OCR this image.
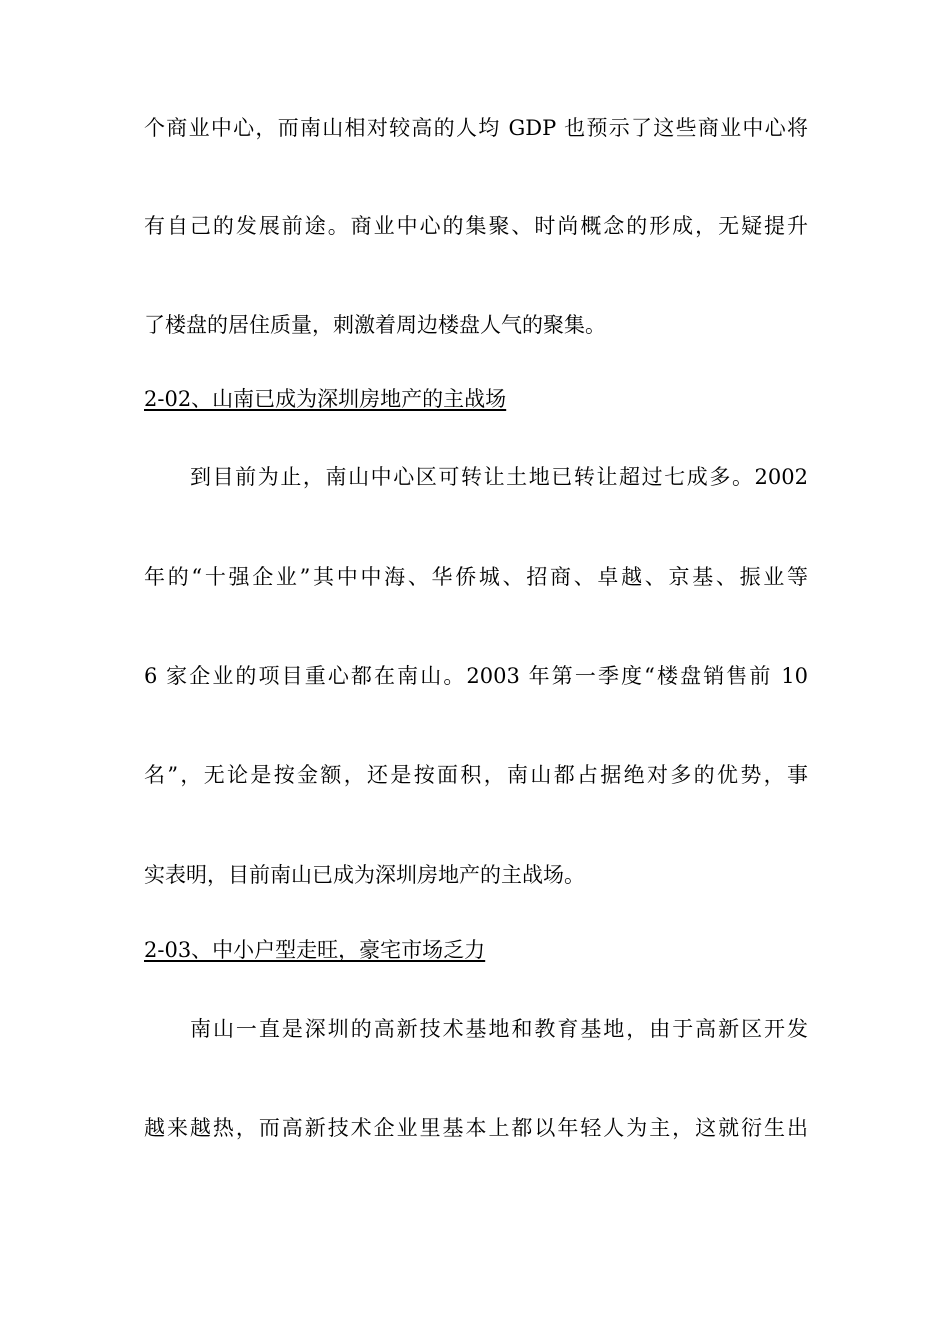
个商业中心，而南山相对较高的人均 GDP 也预示了这些商业中心将
有自己的发展前途。商业中心的集聚、时尚概念的形成，无疑提升
了楼盘的居住质量，刺激着周边楼盘人气的聚集。
2-02、山南已成为深圳房地产的主战场
到目前为止，南山中心区可转让土地已转让超过七成多。2002
年的“十强企业”其中中海、华侨城、招商、卓越、京基、振业等
6 家企业的项目重心都在南山。2003 年第一季度“楼盘销售前 10
名”，无论是按金额，还是按面积，南山都占据绝对多的优势，事
实表明，目前南山已成为深圳房地产的主战场。
2-03、中小户型走旺，豪宅市场乏力
南山一直是深圳的高新技术基地和教育基地，由于高新区开发
越来越热，而高新技术企业里基本上都以年轻人为主，这就衍生出
